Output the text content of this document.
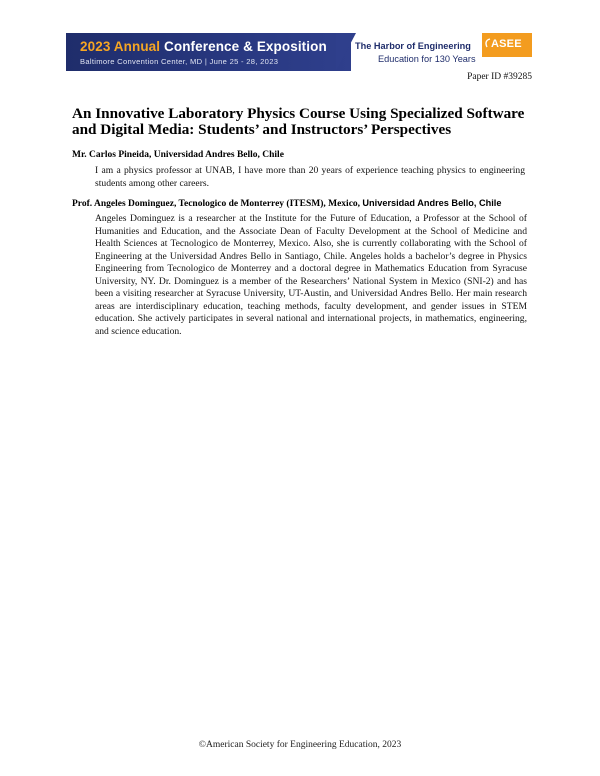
2023 Annual Conference & Exposition
Baltimore Convention Center, MD | June 25 - 28, 2023
The Harbor of Engineering
Education for 130 Years
ASEE
Paper ID #39285
An Innovative Laboratory Physics Course Using Specialized Software and Digital Media: Students’ and Instructors’ Perspectives
Mr. Carlos Pineida, Universidad Andres Bello, Chile
I am a physics professor at UNAB, I have more than 20 years of experience teaching physics to engineering students among other careers.
Prof. Angeles Dominguez, Tecnologico de Monterrey (ITESM), Mexico, Universidad Andres Bello, Chile
Angeles Dominguez is a researcher at the Institute for the Future of Education, a Professor at the School of Humanities and Education, and the Associate Dean of Faculty Development at the School of Medicine and Health Sciences at Tecnologico de Monterrey, Mexico. Also, she is currently collaborating with the School of Engineering at the Universidad Andres Bello in Santiago, Chile. Angeles holds a bachelor’s degree in Physics Engineering from Tecnologico de Monterrey and a doctoral degree in Mathematics Education from Syracuse University, NY. Dr. Dominguez is a member of the Researchers’ National System in Mexico (SNI-2) and has been a visiting researcher at Syracuse University, UT-Austin, and Universidad Andres Bello. Her main research areas are interdisciplinary education, teaching methods, faculty development, and gender issues in STEM education. She actively participates in several national and international projects, in mathematics, engineering, and science education.
©American Society for Engineering Education, 2023
